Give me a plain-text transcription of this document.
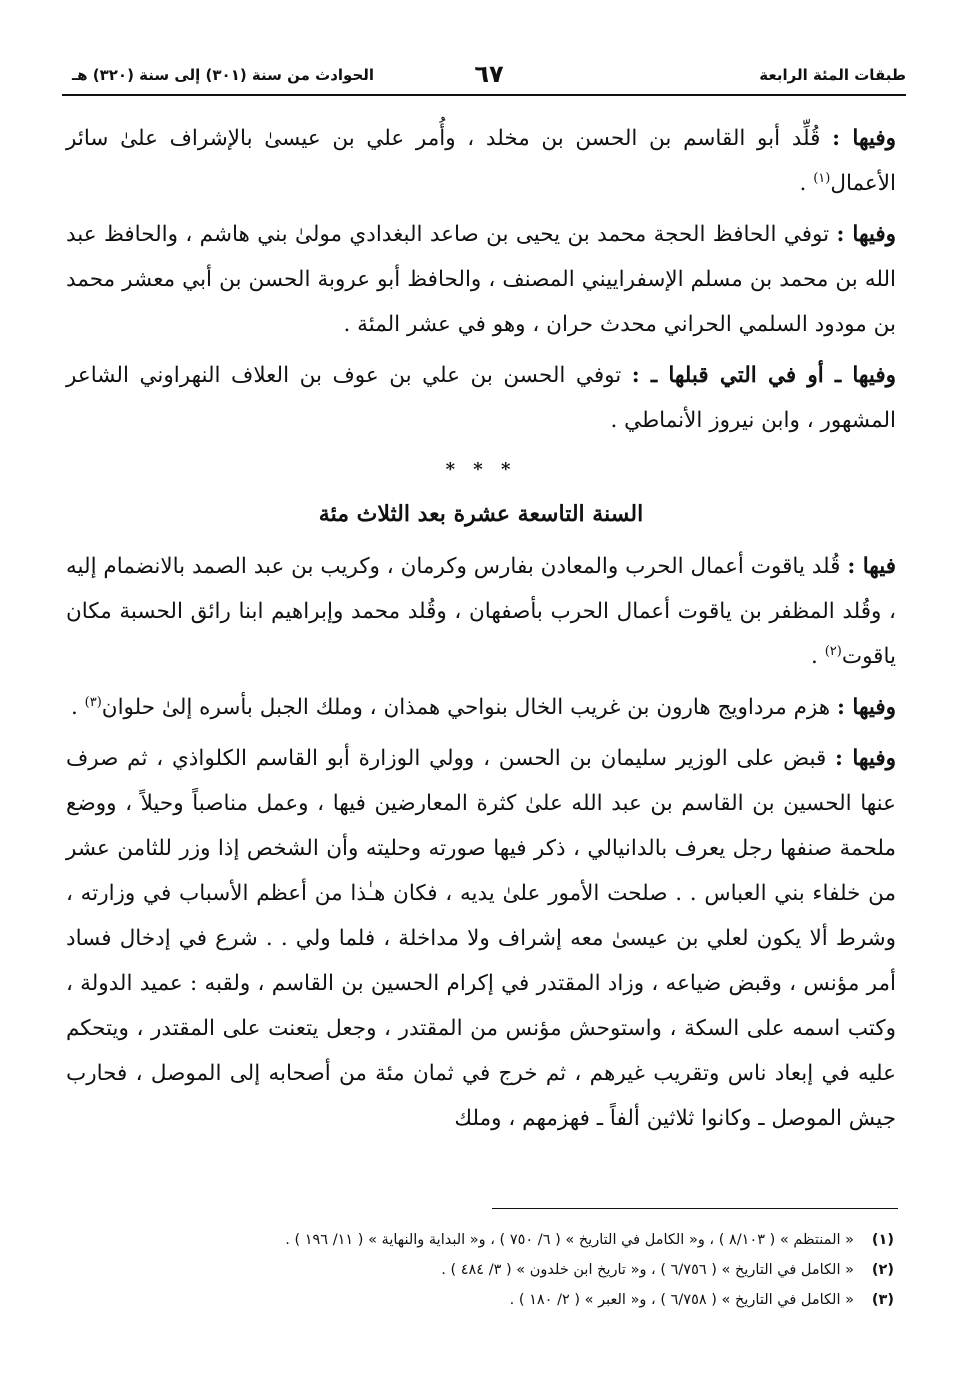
طبقات المئة الرابعة
٦٧
الحوادث من سنة (٣٠١) إلى سنة (٣٢٠) هـ

وفيها : قُلِّد أبو القاسم بن الحسن بن مخلد ، وأُمر علي بن عيسىٰ بالإشراف علىٰ سائر الأعمال$^{(١)}$ .

وفيها : توفي الحافظ الحجة محمد بن يحيى بن صاعد البغدادي مولىٰ بني هاشم ، والحافظ عبد الله بن محمد بن مسلم الإسفراييني المصنف ، والحافظ أبو عروبة الحسن بن أبي معشر محمد بن مودود السلمي الحراني محدث حران ، وهو في عشر المئة .

وفيها ـ أو في التي قبلها ـ : توفي الحسن بن علي بن عوف بن العلاف النهراوني الشاعر المشهور ، وابن نيروز الأنماطي .

* * *
السنة التاسعة عشرة بعد الثلاث مئة

فيها : قُلد ياقوت أعمال الحرب والمعادن بفارس وكرمان ، وكريب بن عبد الصمد بالانضمام إليه ، وقُلد المظفر بن ياقوت أعمال الحرب بأصفهان ، وقُلد محمد وإبراهيم ابنا رائق الحسبة مكان ياقوت$^{(٢)}$ .

وفيها : هزم مرداويج هارون بن غريب الخال بنواحي همذان ، وملك الجبل بأسره إلىٰ حلوان$^{(٣)}$ .

وفيها : قبض على الوزير سليمان بن الحسن ، وولي الوزارة أبو القاسم الكلواذي ، ثم صرف عنها الحسين بن القاسم بن عبد الله علىٰ كثرة المعارضين فيها ، وعمل مناصباً وحيلاً ، ووضع ملحمة صنفها رجل يعرف بالدانيالي ، ذكر فيها صورته وحليته وأن الشخص إذا وزر للثامن عشر من خلفاء بني العباس . . صلحت الأمور علىٰ يديه ، فكان هـٰذا من أعظم الأسباب في وزارته ، وشرط ألا يكون لعلي بن عيسىٰ معه إشراف ولا مداخلة ، فلما ولي . . شرع في إدخال فساد أمر مؤنس ، وقبض ضياعه ، وزاد المقتدر في إكرام الحسين بن القاسم ، ولقبه : عميد الدولة ، وكتب اسمه على السكة ، واستوحش مؤنس من المقتدر ، وجعل يتعنت على المقتدر ، ويتحكم عليه في إبعاد ناس وتقريب غيرهم ، ثم خرج في ثمان مئة من أصحابه إلى الموصل ، فحارب جيش الموصل ـ وكانوا ثلاثين ألفاً ـ فهزمهم ، وملك

(١)« المنتظم » ( ٨/١٠٣ ) ، و« الكامل في التاريخ » ( ٦/ ٧٥٠ ) ، و« البداية والنهاية » ( ١١/ ١٩٦ ) .
(٢)« الكامل في التاريخ » ( ٦/٧٥٦ ) ، و« تاريخ ابن خلدون » ( ٣/ ٤٨٤ ) .
(٣)« الكامل في التاريخ » ( ٦/٧٥٨ ) ، و« العبر » ( ٢/ ١٨٠ ) .
